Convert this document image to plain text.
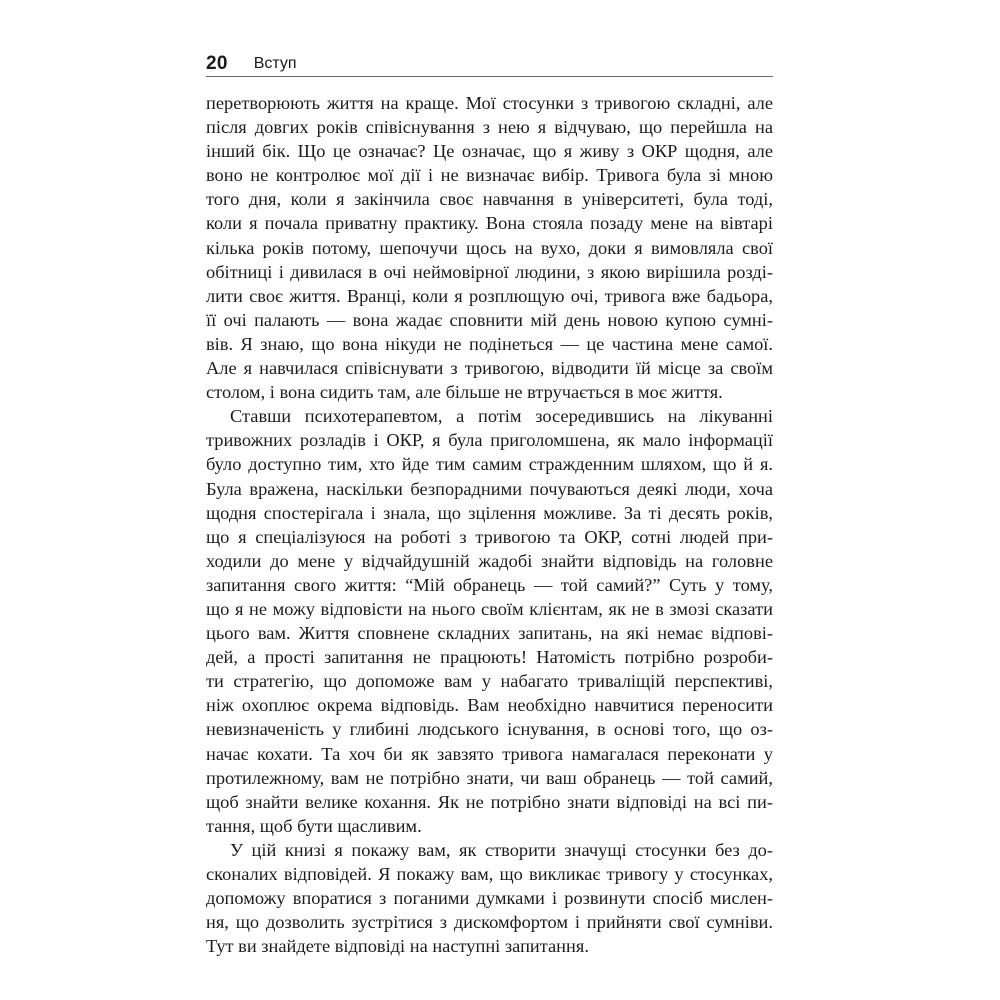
20 Вступ
перетворюють життя на краще. Мої стосунки з тривогою складні, але
після довгих років співіснування з нею я відчуваю, що перейшла на
інший бік. Що це означає? Це означає, що я живу з ОКР щодня, але
воно не контролює мої дії і не визначає вибір. Тривога була зі мною
того дня, коли я закінчила своє навчання в університеті, була тоді,
коли я почала приватну практику. Вона стояла позаду мене на вівтарі
кілька років потому, шепочучи щось на вухо, доки я вимовляла свої
обітниці і дивилася в очі неймовірної людини, з якою вирішила розді-
лити своє життя. Вранці, коли я розплющую очі, тривога вже бадьора,
її очі палають — вона жадає сповнити мій день новою купою сумні-
вів. Я знаю, що вона нікуди не подінеться — це частина мене самої.
Але я навчилася співіснувати з тривогою, відводити їй місце за своїм
столом, і вона сидить там, але більше не втручається в моє життя.
Ставши психотерапевтом, а потім зосередившись на лікуванні
тривожних розладів і ОКР, я була приголомшена, як мало інформації
було доступно тим, хто йде тим самим стражденним шляхом, що й я.
Була вражена, наскільки безпорадними почуваються деякі люди, хоча
щодня спостерігала і знала, що зцілення можливе. За ті десять років,
що я спеціалізуюся на роботі з тривогою та ОКР, сотні людей при-
ходили до мене у відчайдушній жадобі знайти відповідь на головне
запитання свого життя: “Мій обранець — той самий?” Суть у тому,
що я не можу відповісти на нього своїм клієнтам, як не в змозі сказати
цього вам. Життя сповнене складних запитань, на які немає відпові-
дей, а прості запитання не працюють! Натомість потрібно розроби-
ти стратегію, що допоможе вам у набагато триваліщій перспективі,
ніж охоплює окрема відповідь. Вам необхідно навчитися переносити
невизначеність у глибині людського існування, в основі того, що оз-
начає кохати. Та хоч би як завзято тривога намагалася переконати у
протилежному, вам не потрібно знати, чи ваш обранець — той самий,
щоб знайти велике кохання. Як не потрібно знати відповіді на всі пи-
тання, щоб бути щасливим.
У цій книзі я покажу вам, як створити значущі стосунки без до-
сконалих відповідей. Я покажу вам, що викликає тривогу у стосунках,
допоможу впоратися з поганими думками і розвинути спосіб мислен-
ня, що дозволить зустрітися з дискомфортом і прийняти свої сумніви.
Тут ви знайдете відповіді на наступні запитання.
